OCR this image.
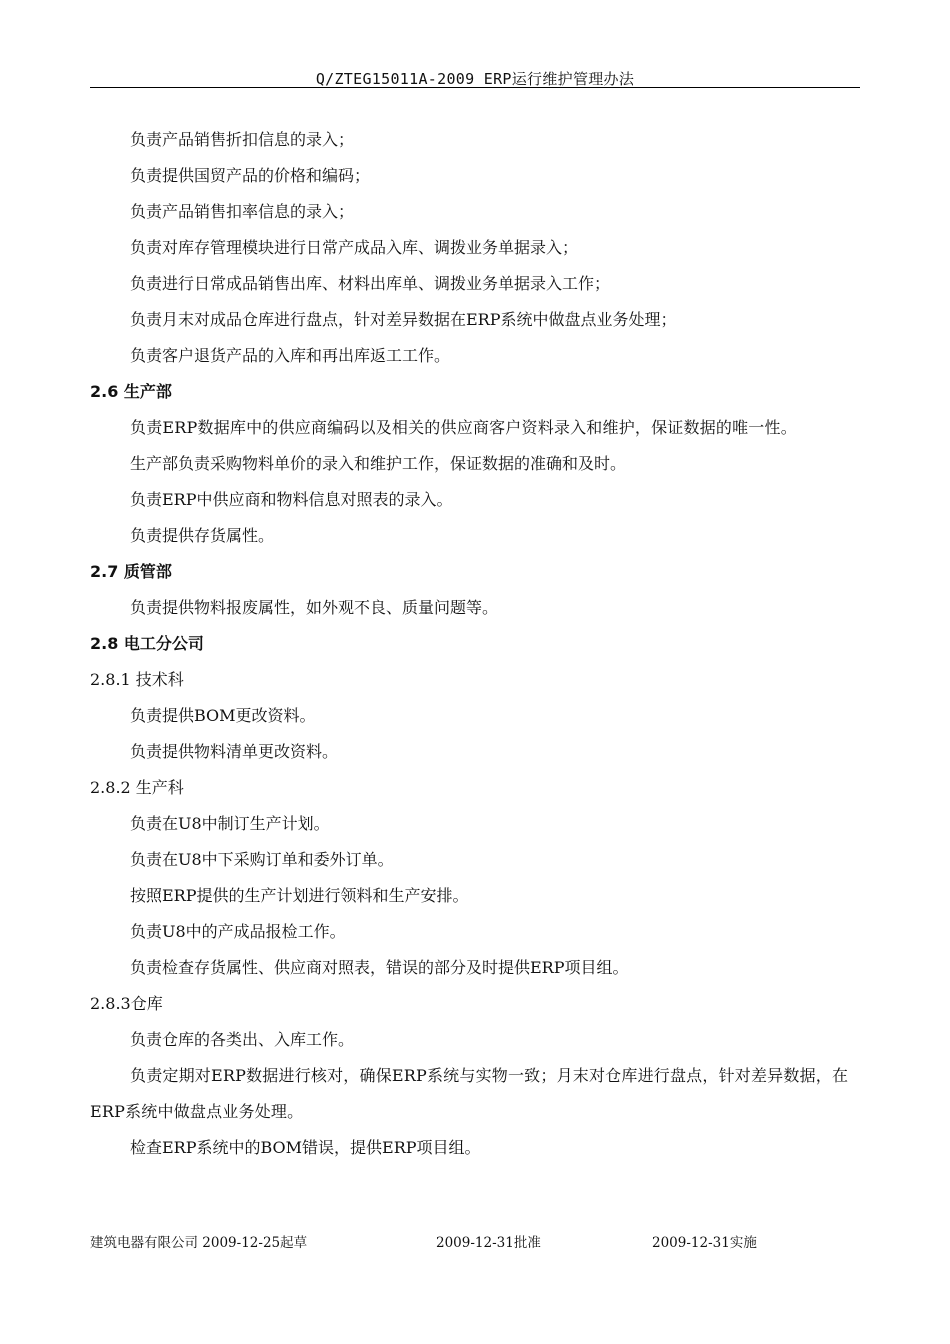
Q/ZTEG15011A-2009 ERP运行维护管理办法

负责产品销售折扣信息的录入；

负责提供国贸产品的价格和编码；

负责产品销售扣率信息的录入；

负责对库存管理模块进行日常产成品入库、调拨业务单据录入；

负责进行日常成品销售出库、材料出库单、调拨业务单据录入工作；

负责月末对成品仓库进行盘点，针对差异数据在ERP系统中做盘点业务处理；

负责客户退货产品的入库和再出库返工工作。

2.6 生产部

负责ERP数据库中的供应商编码以及相关的供应商客户资料录入和维护，保证数据的唯一性。

生产部负责采购物料单价的录入和维护工作，保证数据的准确和及时。

负责ERP中供应商和物料信息对照表的录入。

负责提供存货属性。

2.7 质管部

负责提供物料报废属性，如外观不良、质量问题等。

2.8 电工分公司

2.8.1 技术科

负责提供BOM更改资料。

负责提供物料清单更改资料。

2.8.2 生产科

负责在U8中制订生产计划。

负责在U8中下采购订单和委外订单。

按照ERP提供的生产计划进行领料和生产安排。

负责U8中的产成品报检工作。

负责检查存货属性、供应商对照表，错误的部分及时提供ERP项目组。

2.8.3仓库

负责仓库的各类出、入库工作。

负责定期对ERP数据进行核对，确保ERP系统与实物一致；月末对仓库进行盘点，针对差异数据，在ERP系统中做盘点业务处理。

检查ERP系统中的BOM错误，提供ERP项目组。

建筑电器有限公司 2009-12-25起草	2009-12-31批准	2009-12-31实施
